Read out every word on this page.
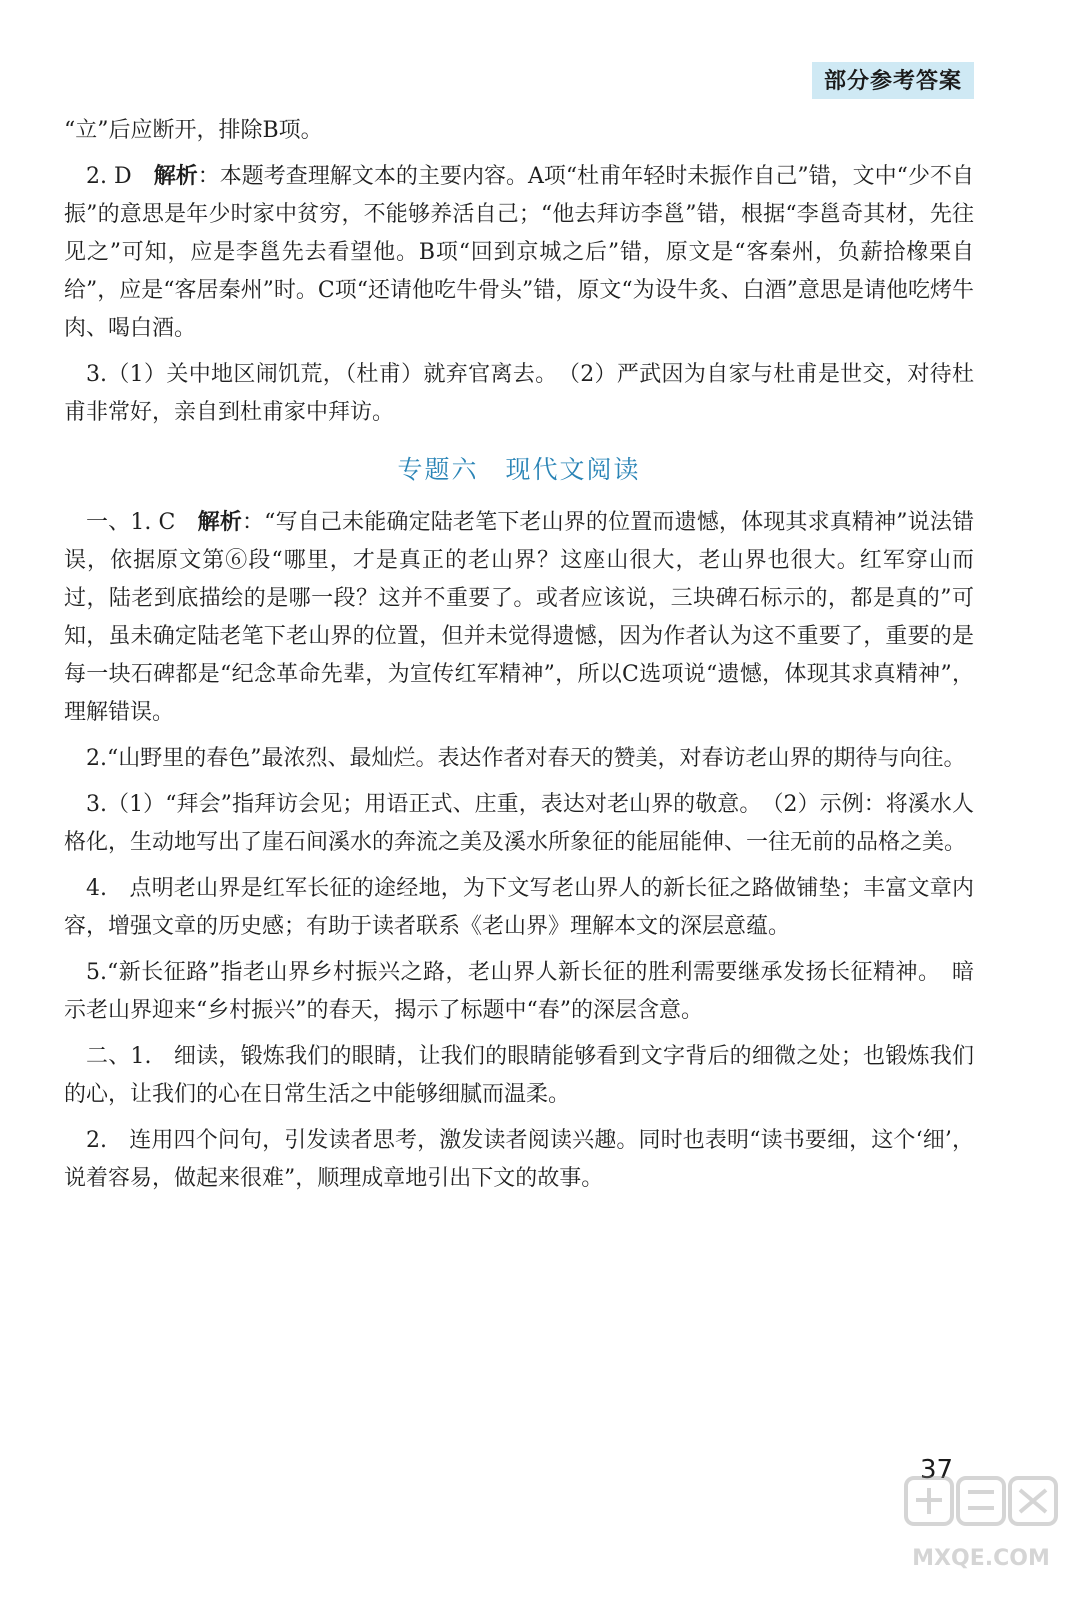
部分参考答案

“立”后应断开，排除B项。

2. D　 解析：本题考查理解文本的主要内容。A项“杜甫年轻时未振作自己”错，文中“少不自振”的意思是年少时家中贫穷，不能够养活自己；“他去拜访李邕”错，根据“李邕奇其材，先往见之”可知，应是李邕先去看望他。B项“回到京城之后”错，原文是“客秦州，负薪拾橡栗自给”，应是“客居秦州”时。C项“还请他吃牛骨头”错，原文“为设牛炙、白酒”意思是请他吃烤牛肉、喝白酒。

3.（1）关中地区闹饥荒，（杜甫）就弃官离去。　（2）严武因为自家与杜甫是世交，对待杜甫非常好，亲自到杜甫家中拜访。

专题六　现代文阅读

一、1. C　 解析：“写自己未能确定陆老笔下老山界的位置而遗憾，体现其求真精神”说法错误，依据原文第⑥段“哪里，才是真正的老山界？这座山很大，老山界也很大。红军穿山而过，陆老到底描绘的是哪一段？这并不重要了。或者应该说，三块碑石标示的，都是真的”可知，虽未确定陆老笔下老山界的位置，但并未觉得遗憾，因为作者认为这不重要了，重要的是每一块石碑都是“纪念革命先辈，为宣传红军精神”，所以C选项说“遗憾，体现其求真精神”，理解错误。

2.“山野里的春色”最浓烈、最灿烂。表达作者对春天的赞美，对春访老山界的期待与向往。

3.（1）“拜会”指拜访会见；用语正式、庄重，表达对老山界的敬意。　（2）示例：将溪水人格化，生动地写出了崖石间溪水的奔流之美及溪水所象征的能屈能伸、一往无前的品格之美。

4.　 点明老山界是红军长征的途经地，为下文写老山界人的新长征之路做铺垫；丰富文章内容，增强文章的历史感；有助于读者联系《老山界》理解本文的深层意蕴。

5.“新长征路”指老山界乡村振兴之路，老山界人新长征的胜利需要继承发扬长征精神。　暗示老山界迎来“乡村振兴”的春天，揭示了标题中“春”的深层含意。

二、1.　 细读，锻炼我们的眼睛，让我们的眼睛能够看到文字背后的细微之处；也锻炼我们的心，让我们的心在日常生活之中能够细腻而温柔。

2.　 连用四个问句，引发读者思考，激发读者阅读兴趣。同时也表明“读书要细，这个‘细’，说着容易，做起来很难”，顺理成章地引出下文的故事。

37
MXQE.COM
